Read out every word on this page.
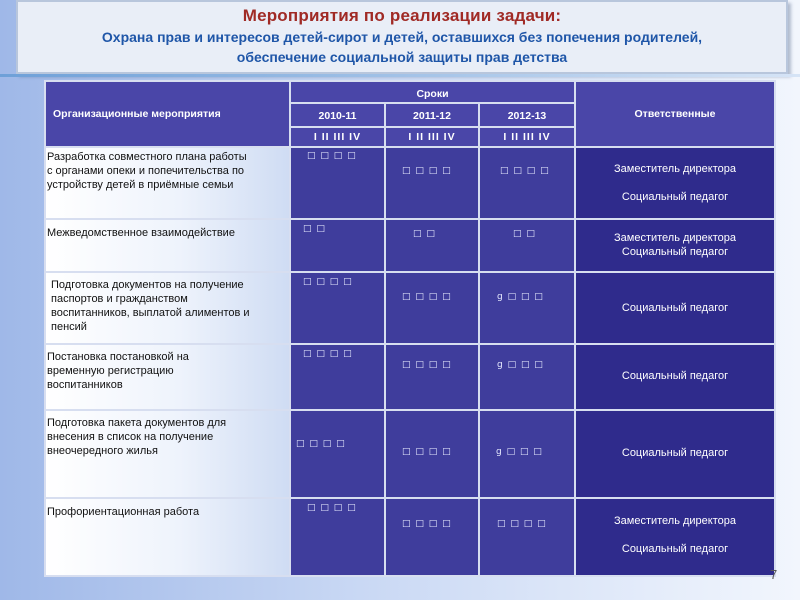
Мероприятия по реализации задачи:
Охрана прав и интересов детей-сирот и детей, оставшихся без попечения родителей,
обеспечение социальной защиты прав детства
Организационные мероприятия	Сроки			Ответственные
	2010-11	2011-12	2012-13	
	I II III IV	I II III IV	I II III IV	

Разработка совместного плана работы
с органами опеки и попечительства по
устройству детей в приёмные семьи	□ □ □ □	□ □ □ □	□ □ □ □	Заместитель директора
Социальный педагог

Межведомственное взаимодействие	□ □	□ □	□ □	Заместитель директора
Социальный педагог

Подготовка документов на получение
паспортов и гражданством
воспитанников, выплатой алиментов и
пенсий	□ □ □ □	□ □ □ □	g □ □ □	Социальный педагог

Постановка постановкой на
временную регистрацию
воспитанников	□ □ □ □	□ □ □ □	g □ □ □	Социальный педагог

Подготовка пакета документов для
внесения в список на получение
внеочередного жилья	□ □ □ □	□ □ □ □	g □ □ □	Социальный педагог

Профориентационная работа	□ □ □ □	□ □ □ □	□ □ □ □	Заместитель директора
Социальный педагог
7
